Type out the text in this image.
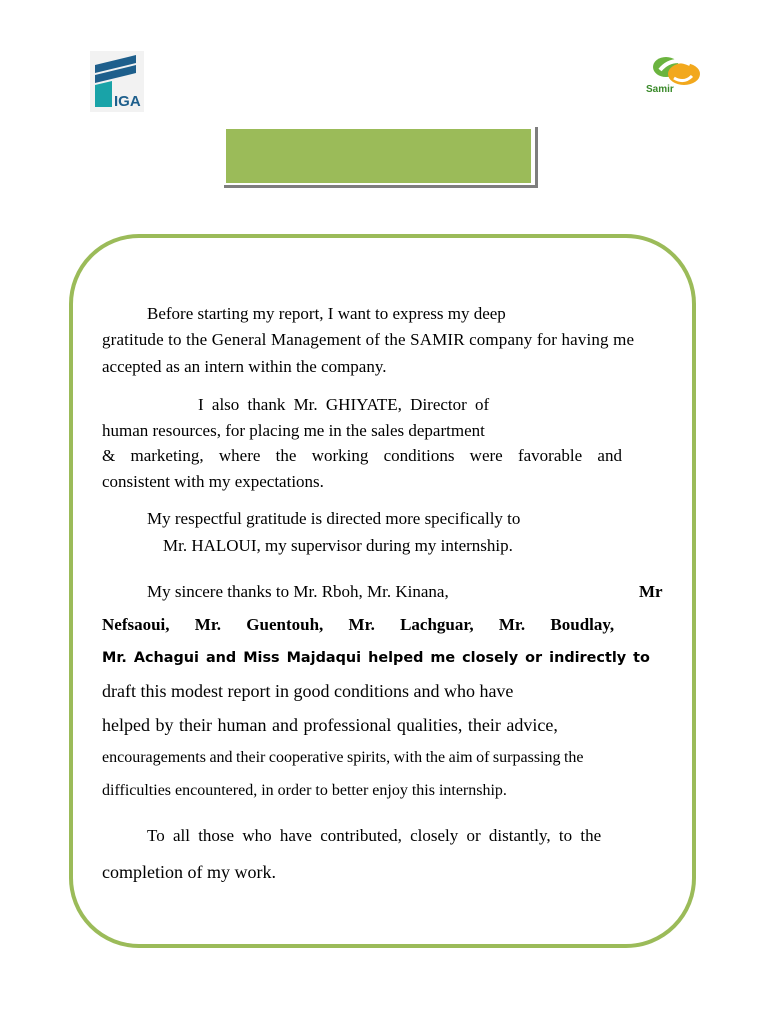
IGA
Samir
Before starting my report, I want to express my deep
gratitude to the General Management of the SAMIR company for having me
accepted as an intern within the company.
I also thank Mr. GHIYATE, Director of
human resources, for placing me in the sales department
& marketing, where the working conditions were favorable and
consistent with my expectations.
My respectful gratitude is directed more specifically to
Mr. HALOUI, my supervisor during my internship.
My sincere thanks to Mr. Rboh, Mr. Kinana,	Mr
Nefsaoui, Mr. Guentouh, Mr. Lachguar, Mr. Boudlay,
Mr. Achagui and Miss Majdaqui helped me closely or indirectly to
draft this modest report in good conditions and who have
helped by their human and professional qualities, their advice,
encouragements and their cooperative spirits, with the aim of surpassing the
difficulties encountered, in order to better enjoy this internship.
To all those who have contributed, closely or distantly, to the
completion of my work.
